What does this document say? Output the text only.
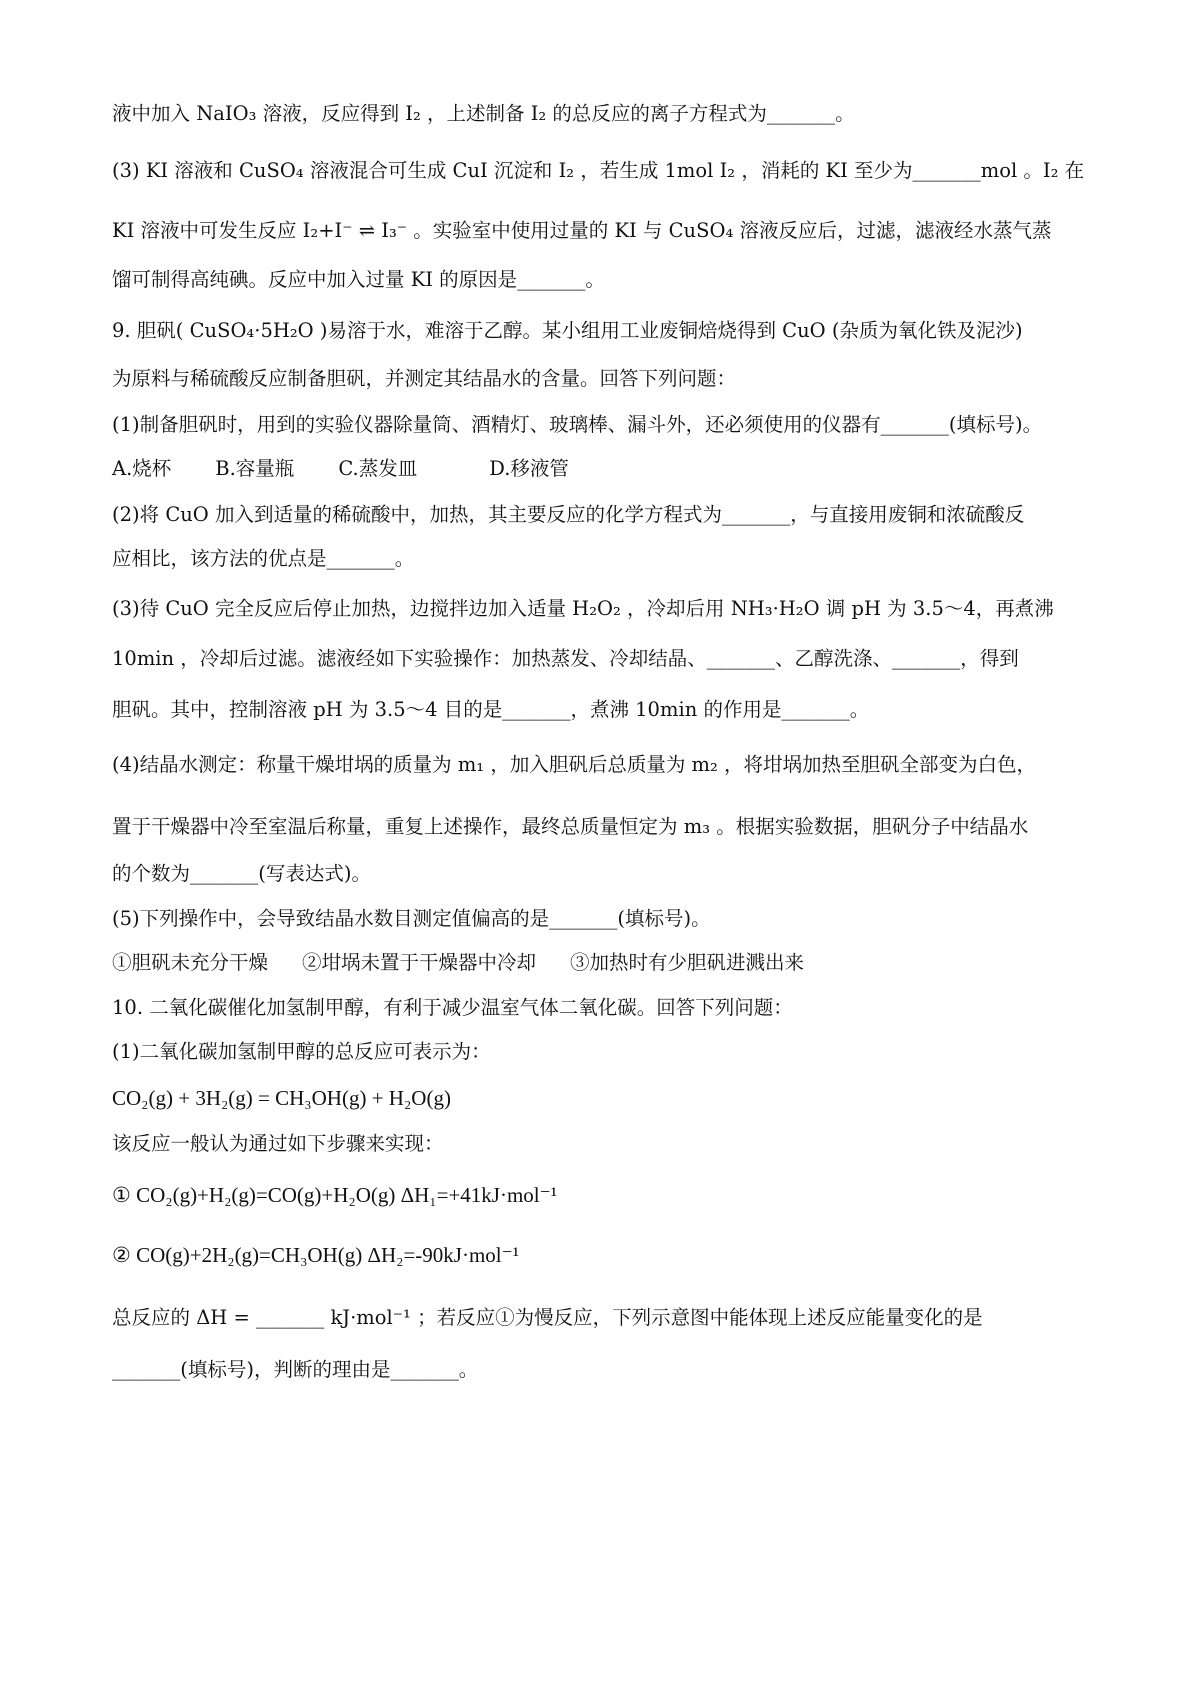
液中加入 NaIO₃ 溶液，反应得到 I₂ ，上述制备 I₂ 的总反应的离子方程式为_______。
(3) KI 溶液和 CuSO₄ 溶液混合可生成 CuI 沉淀和 I₂ ，若生成 1mol I₂ ，消耗的 KI 至少为_______mol 。I₂ 在
KI 溶液中可发生反应 I₂+I⁻ ⇌ I₃⁻ 。实验室中使用过量的 KI 与 CuSO₄ 溶液反应后，过滤，滤液经水蒸气蒸
馏可制得高纯碘。反应中加入过量 KI 的原因是_______。
9. 胆矾( CuSO₄·5H₂O )易溶于水，难溶于乙醇。某小组用工业废铜焙烧得到 CuO (杂质为氧化铁及泥沙)
为原料与稀硫酸反应制备胆矾，并测定其结晶水的含量。回答下列问题：
(1)制备胆矾时，用到的实验仪器除量筒、酒精灯、玻璃棒、漏斗外，还必须使用的仪器有_______(填标号)。
A.烧杯 B.容量瓶 C.蒸发皿	D.移液管
(2)将 CuO 加入到适量的稀硫酸中，加热，其主要反应的化学方程式为_______，与直接用废铜和浓硫酸反
应相比，该方法的优点是_______。
(3)待 CuO 完全反应后停止加热，边搅拌边加入适量 H₂O₂ ，冷却后用 NH₃·H₂O 调 pH 为 3.5～4，再煮沸
10min ，冷却后过滤。滤液经如下实验操作：加热蒸发、冷却结晶、_______、乙醇洗涤、_______，得到
胆矾。其中，控制溶液 pH 为 3.5～4 目的是_______，煮沸 10min 的作用是_______。
(4)结晶水测定：称量干燥坩埚的质量为 m₁ ，加入胆矾后总质量为 m₂ ，将坩埚加热至胆矾全部变为白色，
置于干燥器中冷至室温后称量，重复上述操作，最终总质量恒定为 m₃ 。根据实验数据，胆矾分子中结晶水
的个数为_______(写表达式)。
(5)下列操作中，会导致结晶水数目测定值偏高的是_______(填标号)。
①胆矾未充分干燥 ②坩埚未置于干燥器中冷却 ③加热时有少胆矾进溅出来
10. 二氧化碳催化加氢制甲醇，有利于减少温室气体二氧化碳。回答下列问题：
(1)二氧化碳加氢制甲醇的总反应可表示为：
CO₂(g) + 3H₂(g) = CH₃OH(g) + H₂O(g)
该反应一般认为通过如下步骤来实现：
① CO₂(g)+H₂(g)=CO(g)+H₂O(g) ΔH₁=+41kJ·mol⁻¹
② CO(g)+2H₂(g)=CH₃OH(g) ΔH₂=-90kJ·mol⁻¹
总反应的 ΔH = _______ kJ·mol⁻¹ ；若反应①为慢反应，下列示意图中能体现上述反应能量变化的是
_______(填标号)，判断的理由是_______。
